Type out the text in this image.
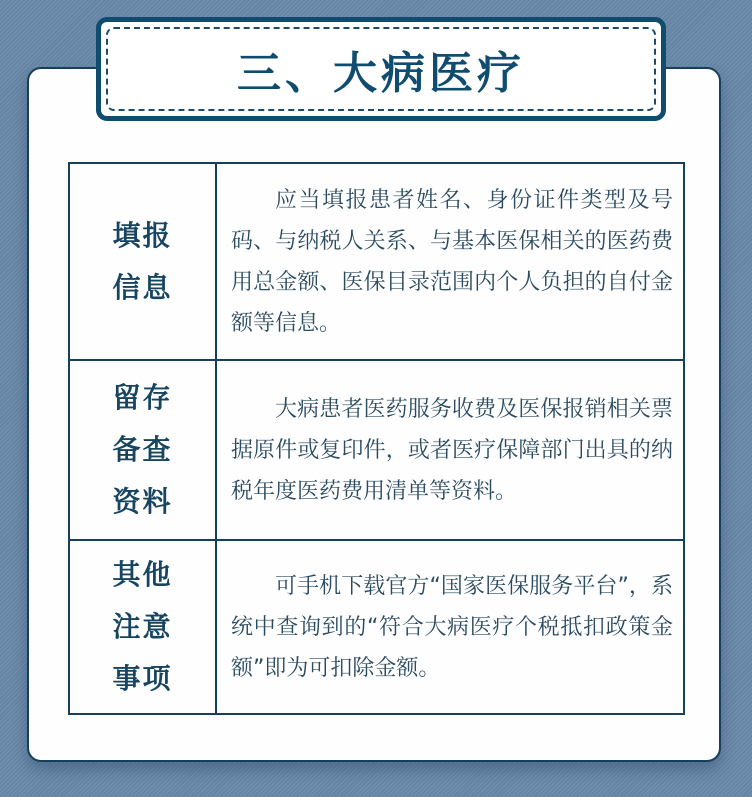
三、大病医疗
填报
信息

应当填报患者姓名、身份证件类型及号码、与纳税人关系、与基本医保相关的医药费用总金额、医保目录范围内个人负担的自付金额等信息。

留存
备查
资料

大病患者医药服务收费及医保报销相关票据原件或复印件，或者医疗保障部门出具的纳税年度医药费用清单等资料。

其他
注意
事项

可手机下载官方“国家医保服务平台”，系统中查询到的“符合大病医疗个税抵扣政策金额”即为可扣除金额。
